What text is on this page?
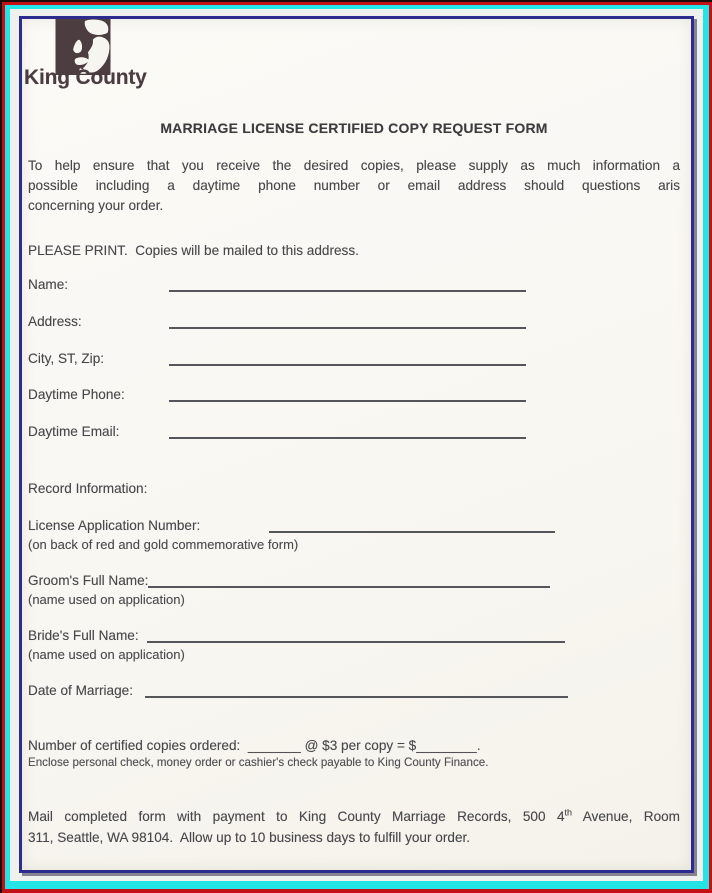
King County
MARRIAGE LICENSE CERTIFIED COPY REQUEST FORM
To help ensure that you receive the desired copies, please supply as much information a
possible including a daytime phone number or email address should questions aris
concerning your order.
PLEASE PRINT.  Copies will be mailed to this address.
Name:
Address:
City, ST, Zip:
Daytime Phone:
Daytime Email:
Record Information:
License Application Number:
(on back of red and gold commemorative form)
Groom's Full Name:
(name used on application)
Bride's Full Name:
(name used on application)
Date of Marriage:
Number of certified copies ordered:  _______ @ $3 per copy = $________.
Enclose personal check, money order or cashier's check payable to King County Finance.
Mail completed form with payment to King County Marriage Records, 500 4th Avenue, Room
311, Seattle, WA 98104.  Allow up to 10 business days to fulfill your order.
